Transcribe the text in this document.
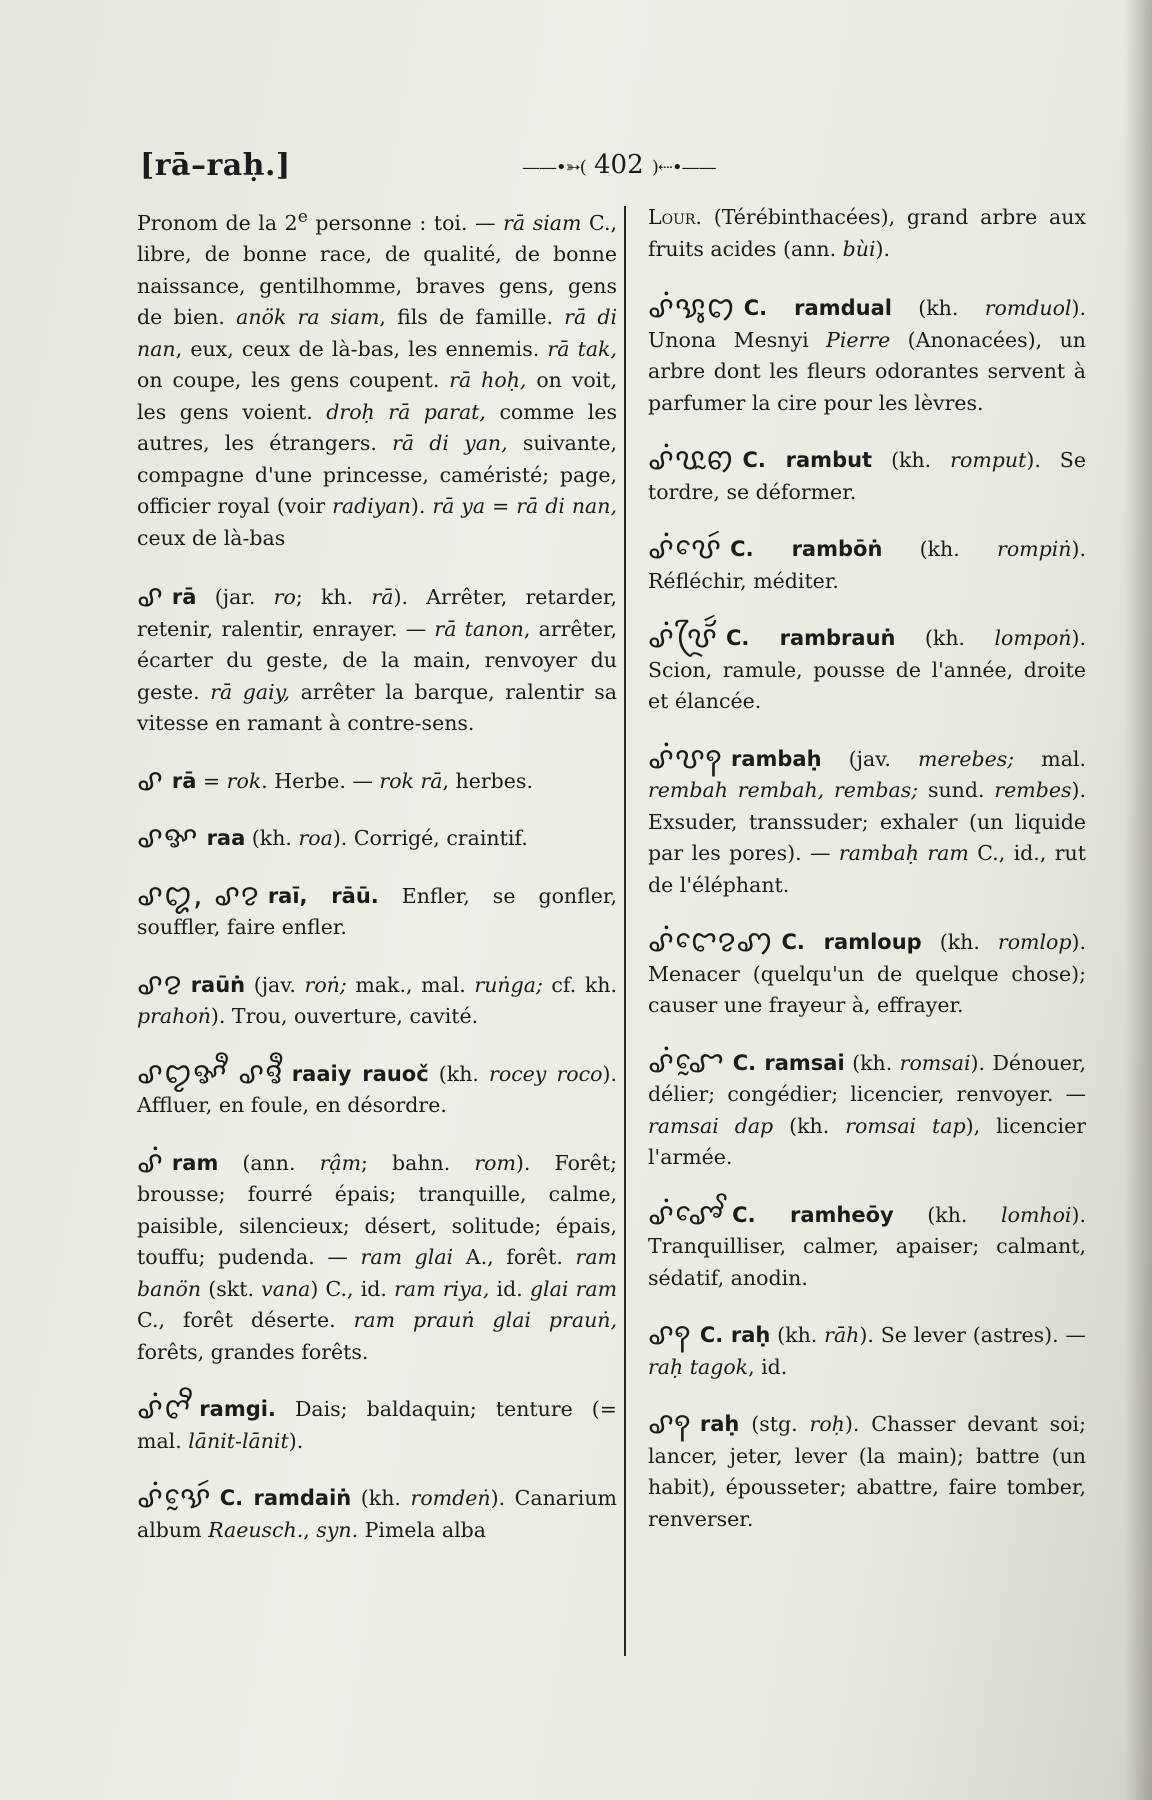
[rā–raḥ.]	——•➳( 402 )⇠•——
Pronom de la 2e personne : toi. — rā siam C., libre, de bonne race, de qualité, de bonne naissance, gentilhomme, braves gens, gens de bien. anök ra siam, fils de famille. rā di nan, eux, ceux de là-bas, les ennemis. rā tak, on coupe, les gens coupent. rā hoḥ, on voit, les gens voient. droḥ rā parat, comme les autres, les étrangers. rā di yan, suivante, compagne d'une princesse, caméristé; page, officier royal (voir radiyan). rā ya = rā di nan, ceux de là-bas
ꨣ rā (jar. ro; kh. rā). Arrêter, retarder, retenir, ralentir, enrayer. — rā tanon, arrêter, écarter du geste, de la main, renvoyer du geste. rā gaiy, arrêter la barque, ralentir sa vitesse en ramant à contre-sens.
ꨣ rā = rok. Herbe. — rok rā, herbes.
ꨣꨀ raa (kh. roa). Corrigé, craintif.
ꨣꨁ, ꨣꨂ raī, rāū. Enfler, se gonfler, souffler, faire enfler.
ꨣꨂ raūṅ (jav. roṅ; mak., mal. ruṅga; cf. kh. prahoṅ). Trou, ouverture, cavité.
ꨣꨄꨀꨫ ꨣꨅꨫ raaiy rauoč (kh. rocey roco). Affluer, en foule, en désordre.
ꨣꩌ ram (ann. rậm; bahn. rom). Forêt; brousse; fourré épais; tranquille, calme, paisible, silencieux; désert, solitude; épais, touffu; pudenda. — ram glai A., forêt. ram banön (skt. vana) C., id. ram riya, id. glai ram C., forêt déserte. ram prauṅ glai prauṅ, forêts, grandes forêts.
ꨣꩌꨈꨪ ramgi. Dais; baldaquin; tenture (= mal. lānit-lānit).
ꨣꩌꨕꨰꩃ C. ramdaiṅ (kh. romdeṅ). Canarium album Raeusch., syn. Pimela alba
Lour. (Térébinthacées), grand arbre aux fruits acides (ann. bùi).
ꨣꩌꨕꨶꩊ C. ramdual (kh. romduol). Unona Mesnyi Pierre (Anonacées), un arbre dont les fleurs odorantes servent à parfumer la cire pour les lèvres.
ꨣꩌꨝꨭꩅ C. rambut (kh. romput). Se tordre, se déformer.
ꨣꩌꨝꨯꩃ C. rambōṅ (kh. rompiṅ). Réfléchir, méditer.
ꨣꩌꨝꨴꨮꩃ C. rambrauṅ (kh. lompoṅ). Scion, ramule, pousse de l'année, droite et élancée.
ꨣꩌꨝꩍ rambaḥ (jav. merebes; mal. rembah rembah, rembas; sund. rembes). Exsuder, transsuder; exhaler (un liquide par les pores). — rambaḥ ram C., id., rut de l'éléphant.
ꨣꩌꨤꨯꨂꩇ C. ramloup (kh. romlop). Menacer (quelqu'un de quelque chose); causer une frayeur à, effrayer.
ꨣꩌꨧꨰ C. ramsai (kh. romsai). Dénouer, délier; congédier; licencier, renvoyer. — ramsai dap (kh. romsai tap), licencier l'armée.
ꨣꩌꨨꨯꨩ C. ramheōy (kh. lomhoi). Tranquilliser, calmer, apaiser; calmant, sédatif, anodin.
ꨣꩍ C. raḥ (kh. rāh). Se lever (astres). — raḥ tagok, id.
ꨣꩍ raḥ (stg. roḥ). Chasser devant soi; lancer, jeter, lever (la main); battre (un habit), épousseter; abattre, faire tomber, renverser.
